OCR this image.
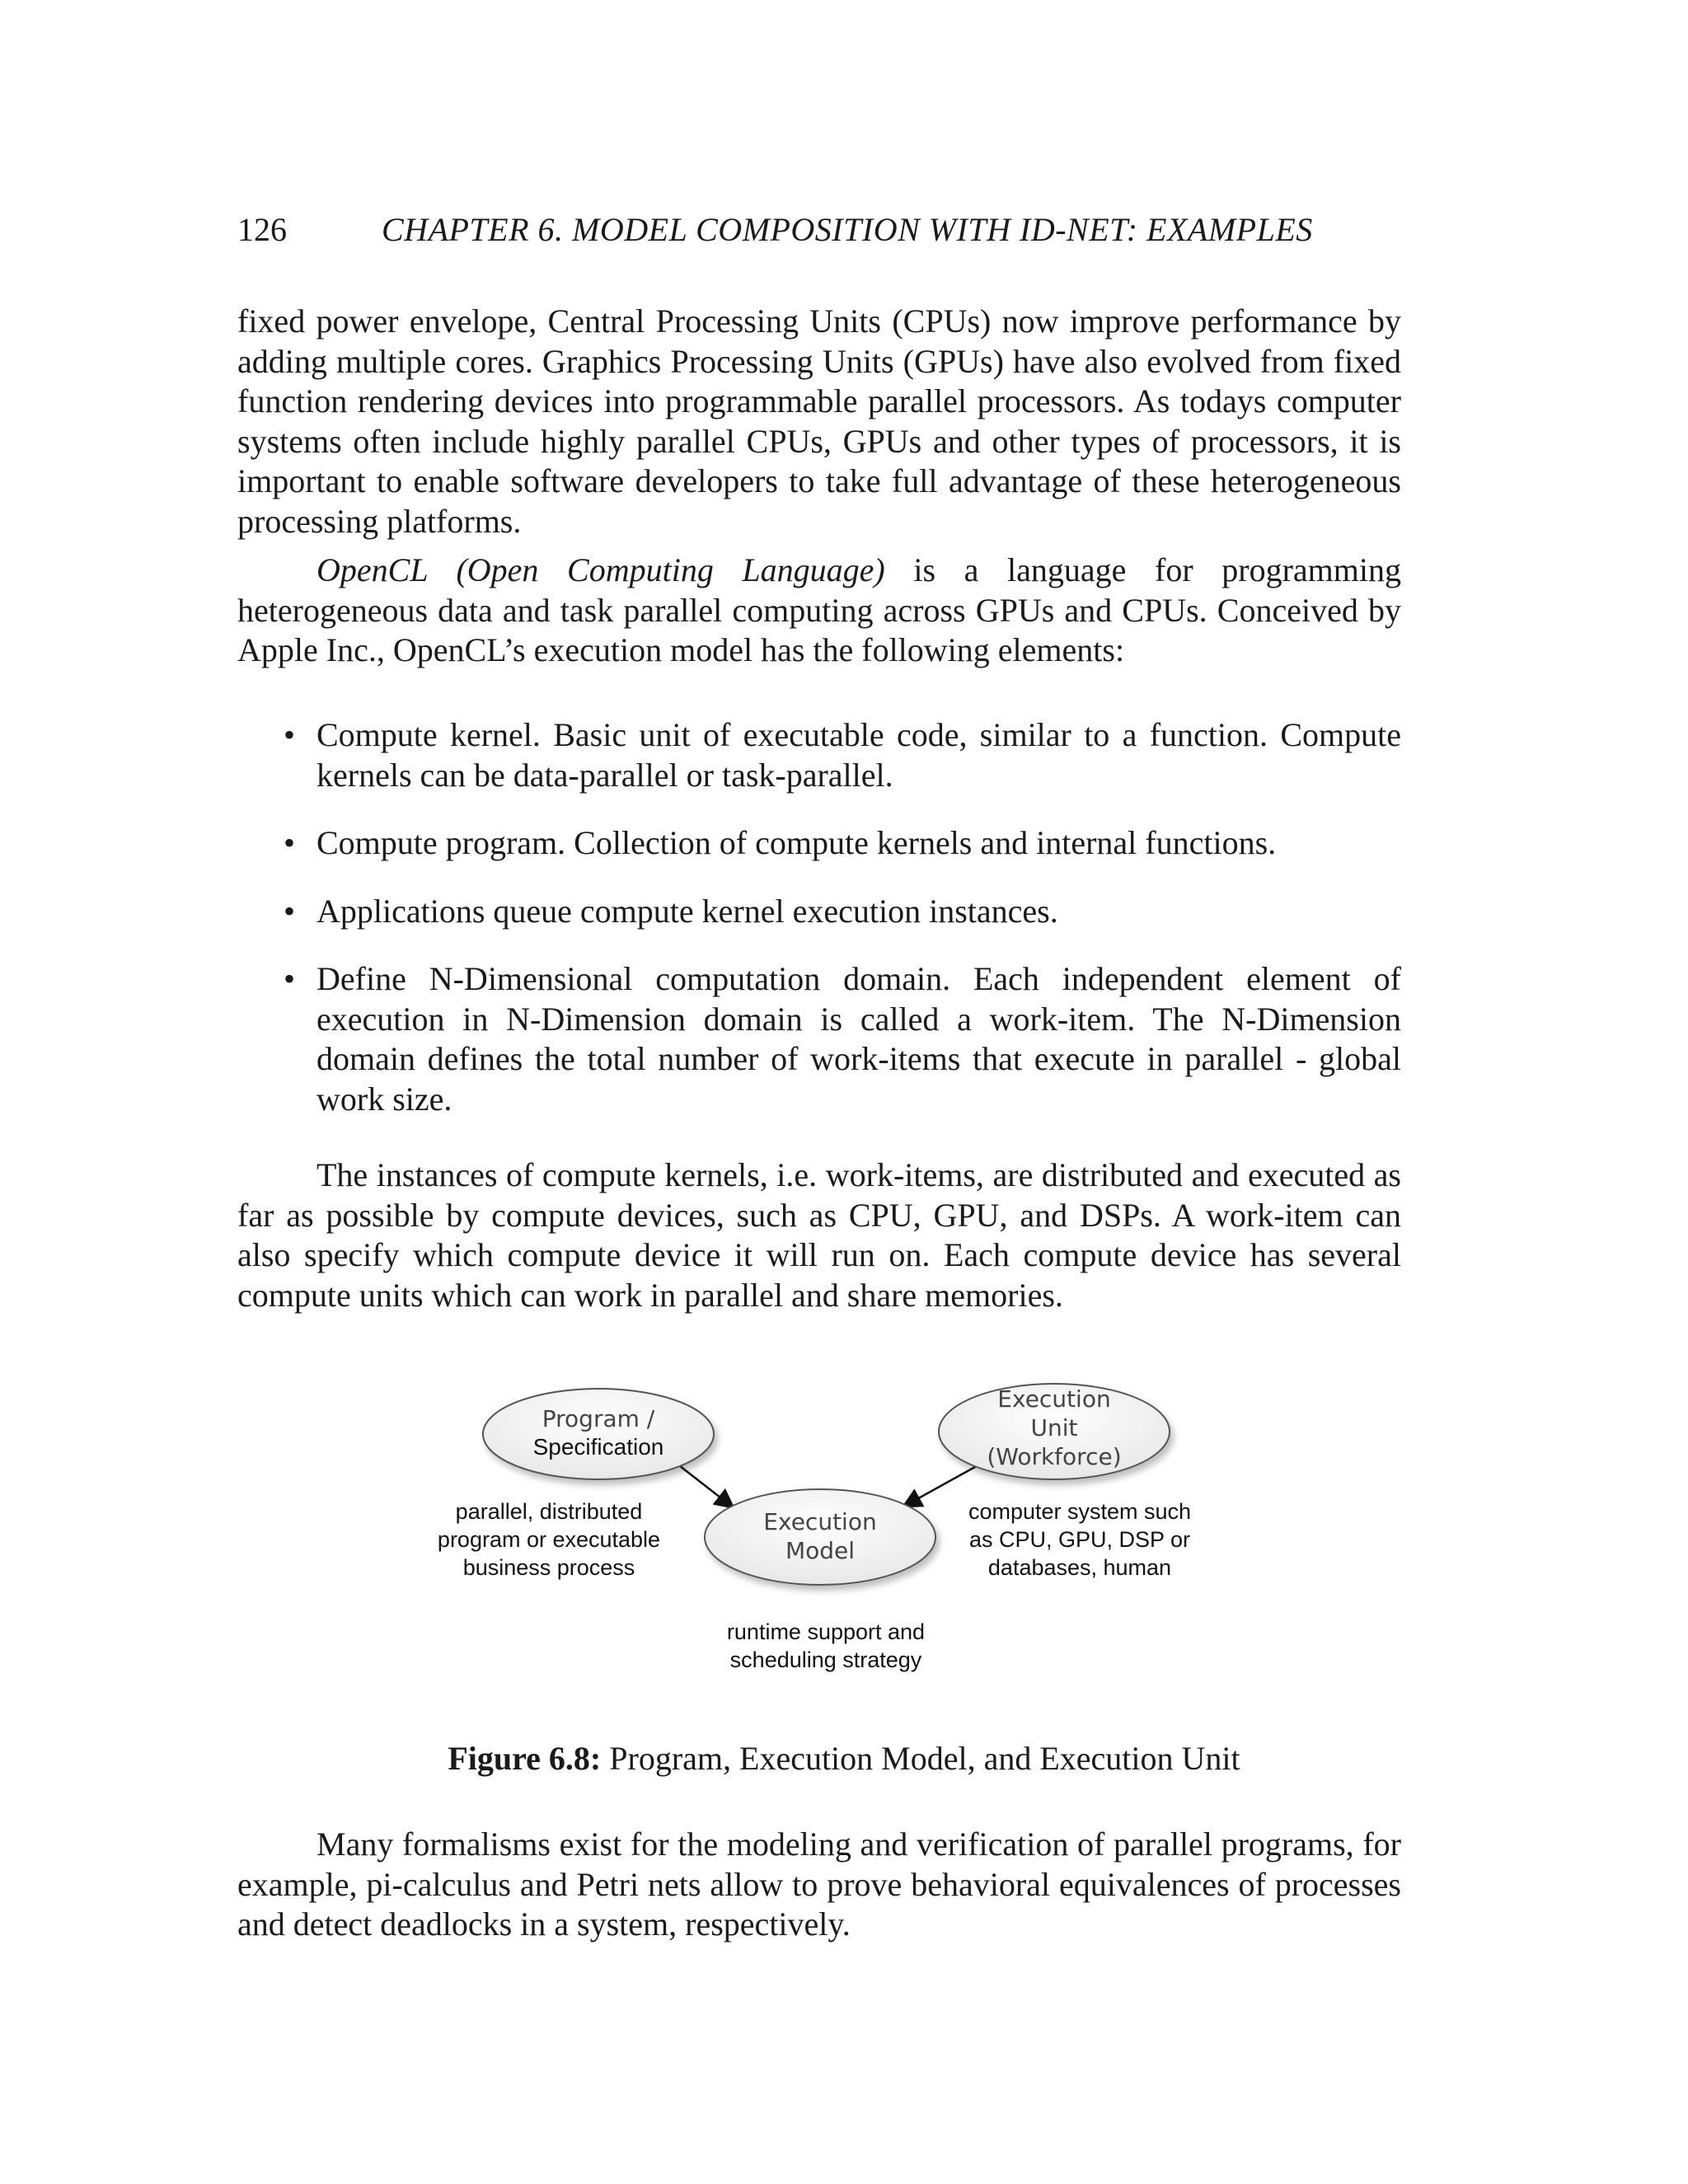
126	CHAPTER 6. MODEL COMPOSITION WITH ID-NET: EXAMPLES

fixed power envelope, Central Processing Units (CPUs) now improve performance by adding multiple cores. Graphics Processing Units (GPUs) have also evolved from fixed function rendering devices into programmable parallel processors. As todays computer systems often include highly parallel CPUs, GPUs and other types of processors, it is important to enable software developers to take full advantage of these heterogeneous processing platforms.

OpenCL (Open Computing Language) is a language for programming heterogeneous data and task parallel computing across GPUs and CPUs. Conceived by Apple Inc., OpenCL’s execution model has the following elements:

• Compute kernel. Basic unit of executable code, similar to a function. Compute kernels can be data-parallel or task-parallel.
• Compute program. Collection of compute kernels and internal functions.
• Applications queue compute kernel execution instances.
• Define N-Dimensional computation domain. Each independent element of execution in N-Dimension domain is called a work-item. The N-Dimension domain defines the total number of work-items that execute in parallel - global work size.

The instances of compute kernels, i.e. work-items, are distributed and executed as far as possible by compute devices, such as CPU, GPU, and DSPs. A work-item can also specify which compute device it will run on. Each compute device has several compute units which can work in parallel and share memories.

Program /
Specification
Execution
Unit
(Workforce)
Execution
Model
parallel, distributed
program or executable
business process
computer system such
as CPU, GPU, DSP or
databases, human
runtime support and
scheduling strategy
Figure 6.8: Program, Execution Model, and Execution Unit

Many formalisms exist for the modeling and verification of parallel programs, for example, pi-calculus and Petri nets allow to prove behavioral equivalences of processes and detect deadlocks in a system, respectively.
